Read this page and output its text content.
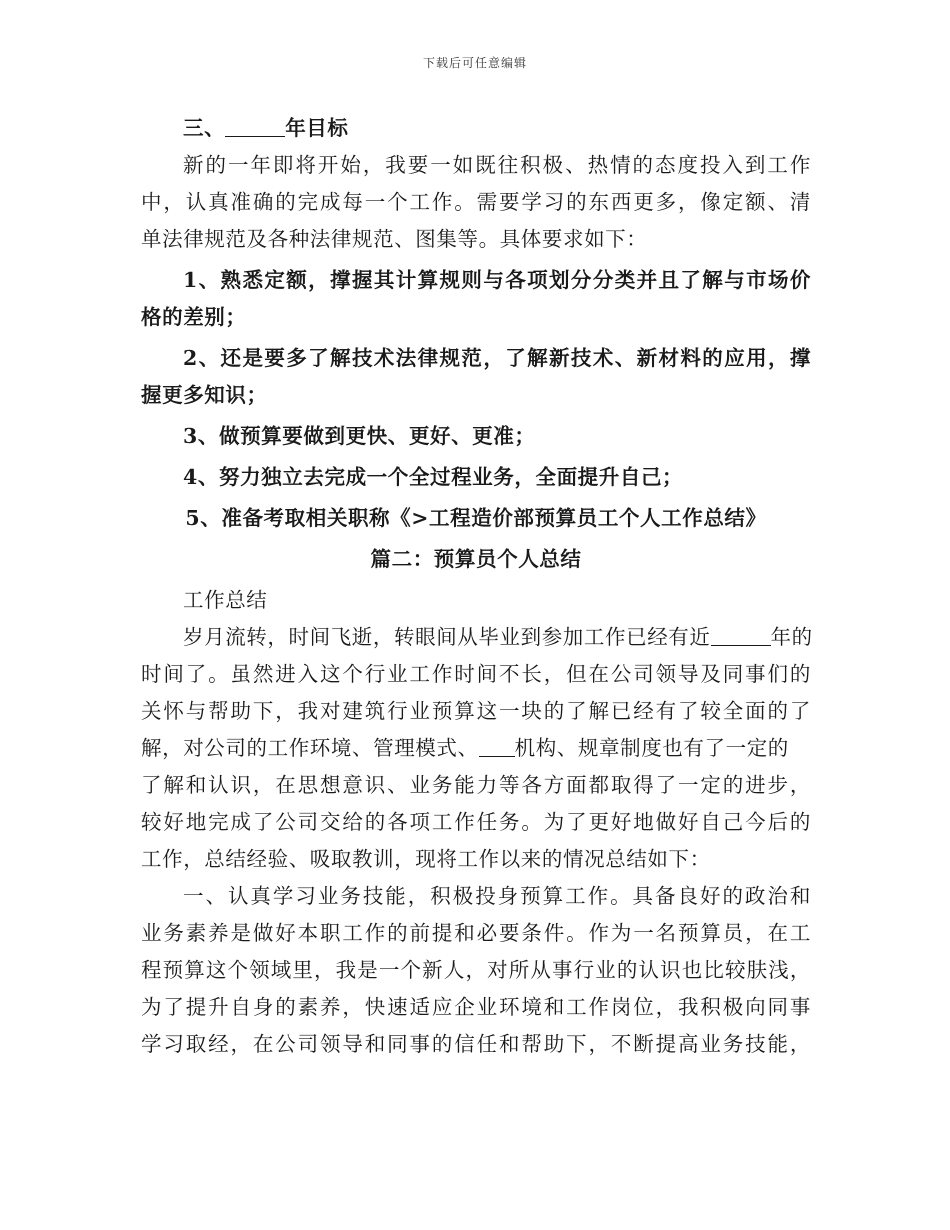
下载后可任意编辑
三、	年目标
新的一年即将开始，我要一如既往积极、热情的态度投入到工作
中，认真准确的完成每一个工作。需要学习的东西更多，像定额、清
单法律规范及各种法律规范、图集等。具体要求如下：
1、熟悉定额，撑握其计算规则与各项划分分类并且了解与市场价
格的差别；
2、还是要多了解技术法律规范，了解新技术、新材料的应用，撑
握更多知识；
3、做预算要做到更快、更好、更准；
4、努力独立去完成一个全过程业务，全面提升自己；
5、准备考取相关职称《>工程造价部预算员工个人工作总结》
篇二：预算员个人总结
工作总结
岁月流转，时间飞逝，转眼间从毕业到参加工作已经有近	年的
时间了。虽然进入这个行业工作时间不长，但在公司领导及同事们的
关怀与帮助下，我对建筑行业预算这一块的了解已经有了较全面的了
解，对公司的工作环境、管理模式、 机构、规章制度也有了一定的
了解和认识，在思想意识、业务能力等各方面都取得了一定的进步，
较好地完成了公司交给的各项工作任务。为了更好地做好自己今后的
工作，总结经验、吸取教训，现将工作以来的情况总结如下：
一、认真学习业务技能，积极投身预算工作。具备良好的政治和
业务素养是做好本职工作的前提和必要条件。作为一名预算员，在工
程预算这个领域里，我是一个新人，对所从事行业的认识也比较肤浅，
为了提升自身的素养，快速适应企业环境和工作岗位，我积极向同事
学习取经，在公司领导和同事的信任和帮助下，不断提高业务技能，
